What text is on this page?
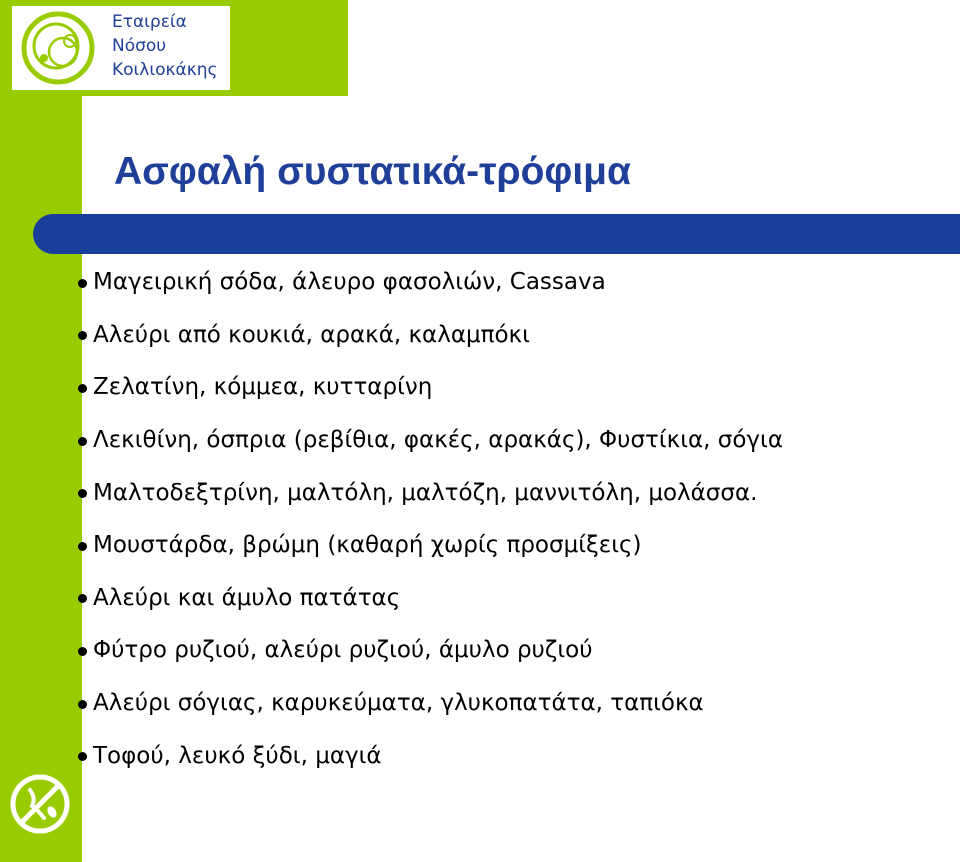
Εταιρεία
Νόσου
Κοιλιοκάκης
Ασφαλή συστατικά-τρόφιμα
Μαγειρική σόδα, άλευρο φασολιών, Cassava
Αλεύρι από κουκιά, αρακά, καλαμπόκι
Ζελατίνη, κόμμεα, κυτταρίνη
Λεκιθίνη, όσπρια (ρεβίθια, φακές, αρακάς), Φυστίκια, σόγια
Μαλτοδεξτρίνη, μαλτόλη, μαλτόζη, μαννιτόλη, μολάσσα.
Μουστάρδα, βρώμη (καθαρή χωρίς προσμίξεις)
Αλεύρι και άμυλο πατάτας
Φύτρο ρυζιού, αλεύρι ρυζιού, άμυλο ρυζιού
Αλεύρι σόγιας, καρυκεύματα, γλυκοπατάτα, ταπιόκα
Τοφού, λευκό ξύδι, μαγιά
